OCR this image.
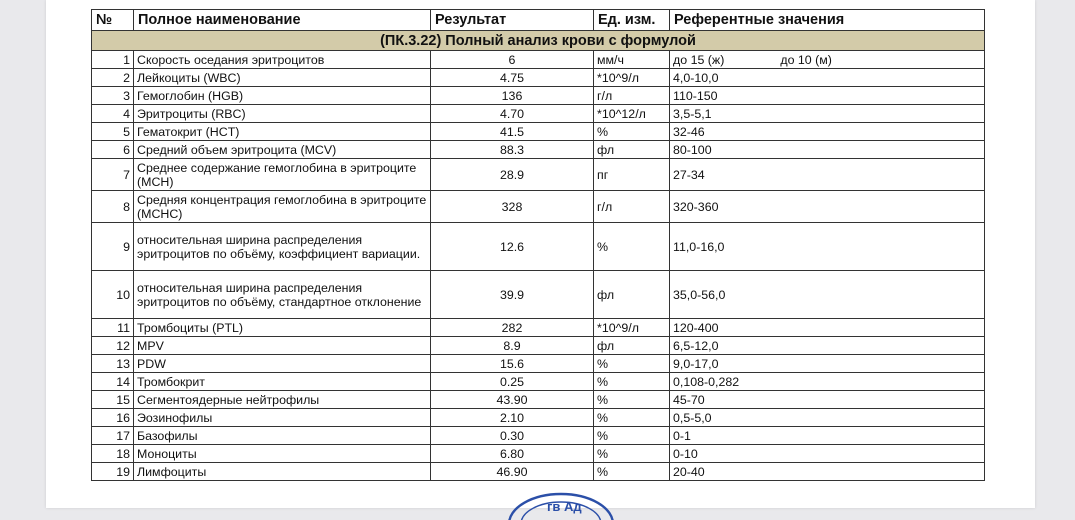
№	Полное наименование	Результат	Ед. изм.	Референтные значения
(ПК.3.22) Полный анализ крови с формулой				
1	Скорость оседания эритроцитов	6	мм/ч	до 15 (ж) до 10 (м)
2	Лейкоциты (WBC)	4.75	*10^9/л	4,0-10,0
3	Гемоглобин (HGB)	136	г/л	110-150
4	Эритроциты (RBC)	4.70	*10^12/л	3,5-5,1
5	Гематокрит (HCT)	41.5	%	32-46
6	Средний объем эритроцита (MCV)	88.3	фл	80-100
7	Среднее содержание гемоглобина в эритроците (MCH)	28.9	пг	27-34
8	Средняя концентрация гемоглобина в эритроците (MCHC)	328	г/л	320-360
9	относительная ширина распределения эритроцитов по объёму, коэффициент вариации.	12.6	%	11,0-16,0
10	относительная ширина распределения эритроцитов по объёму, стандартное отклонение	39.9	фл	35,0-56,0
11	Тромбоциты (PTL)	282	*10^9/л	120-400
12	MPV	8.9	фл	6,5-12,0
13	PDW	15.6	%	9,0-17,0
14	Тромбокрит	0.25	%	0,108-0,282
15	Сегментоядерные нейтрофилы	43.90	%	45-70
16	Эозинофилы	2.10	%	0,5-5,0
17	Базофилы	0.30	%	0-1
18	Моноциты	6.80	%	0-10
19	Лимфоциты	46.90	%	20-40
гв Ад
